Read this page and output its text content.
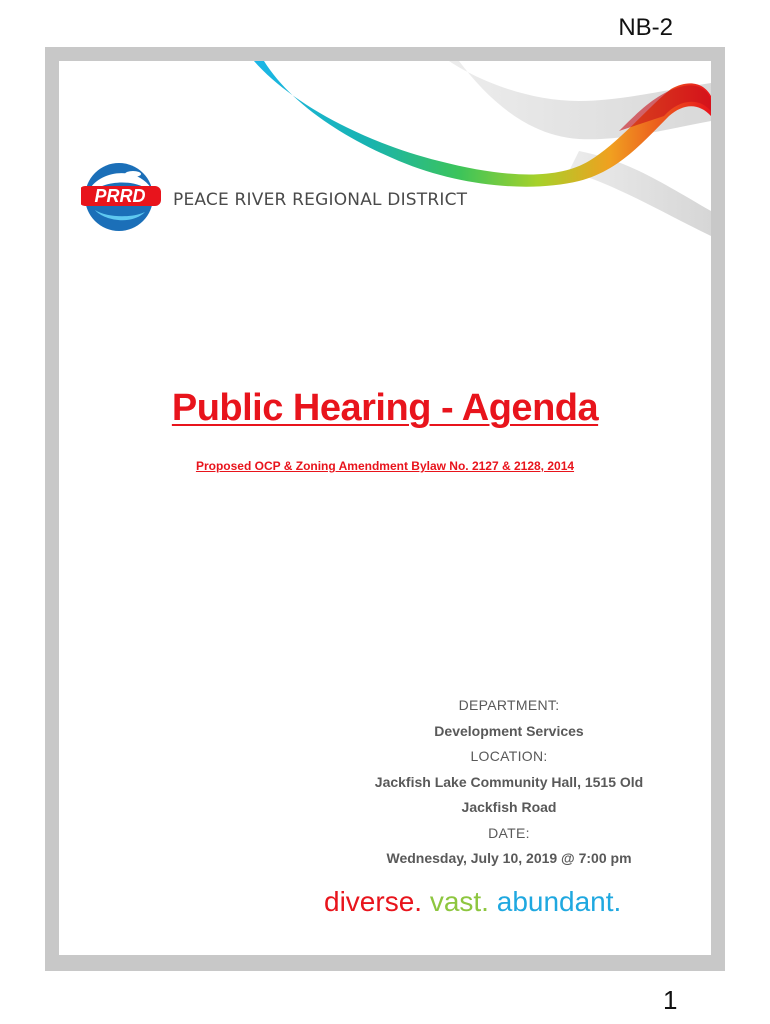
NB-2
PRRD PEACE RIVER REGIONAL DISTRICT
Public Hearing - Agenda
Proposed OCP & Zoning Amendment Bylaw No. 2127 & 2128, 2014
DEPARTMENT:
Development Services
LOCATION:
Jackfish Lake Community Hall, 1515 Old
Jackfish Road
DATE:
Wednesday, July 10, 2019 @ 7:00 pm
diverse. vast. abundant.
1
